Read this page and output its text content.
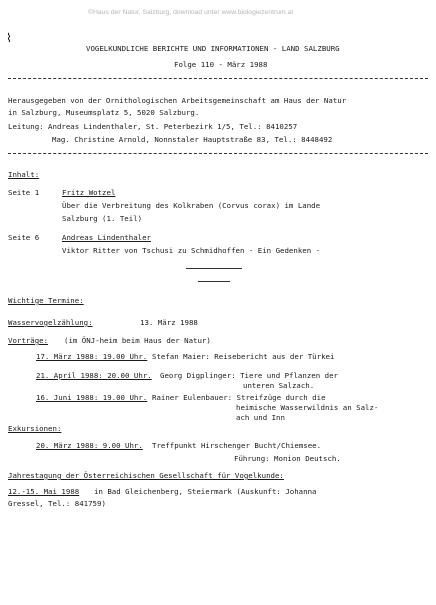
©Haus der Natur, Salzburg, download unter www.biologiezentrum.at
⌇
VOGELKUNDLICHE BERICHTE UND INFORMATIONEN - LAND SALZBURG
Folge 110 - März 1988
Herausgegeben von der Ornithologischen Arbeitsgemeinschaft am Haus der Natur
in Salzburg, Museumsplatz 5, 5020 Salzburg.
Leitung: Andreas Lindenthaler, St. Peterbezirk 1/5, Tel.: 8410257
Mag. Christine Arnold, Nonnstaler Hauptstraße 83, Tel.: 8448492
Inhalt:
Seite 1	Fritz Wotzel
Über die Verbreitung des Kolkraben (Corvus corax) im Lande
Salzburg (1. Teil)
Seite 6	Andreas Lindenthaler
Viktor Ritter von Tschusi zu Schmidhoffen - Ein Gedenken -
Wichtige Termine:
Wasservogelzählung:	13. März 1988
Vorträge: (im ÖNJ-heim beim Haus der Natur)
17. März 1988: 19.00 Uhr. Stefan Maier: Reisebericht aus der Türkei
21. April 1988: 20.00 Uhr. Georg Digplinger: Tiere und Pflanzen der
unteren Salzach.
16. Juni 1988: 19.00 Uhr. Rainer Eulenbauer: Streifzüge durch die
heimische Wasserwildnis an Salz-
ach und Inn
Exkursionen:
20. März 1988: 9.00 Uhr. Treffpunkt Hirschenger Bucht/Chiemsee.
Führung: Monion Deutsch.
Jahrestagung der Österreichischen Gesellschaft für Vogelkunde:
12.-15. Mai 1988 in Bad Gleichenberg, Steiermark (Auskunft: Johanna
Gressel, Tel.: 841759)
